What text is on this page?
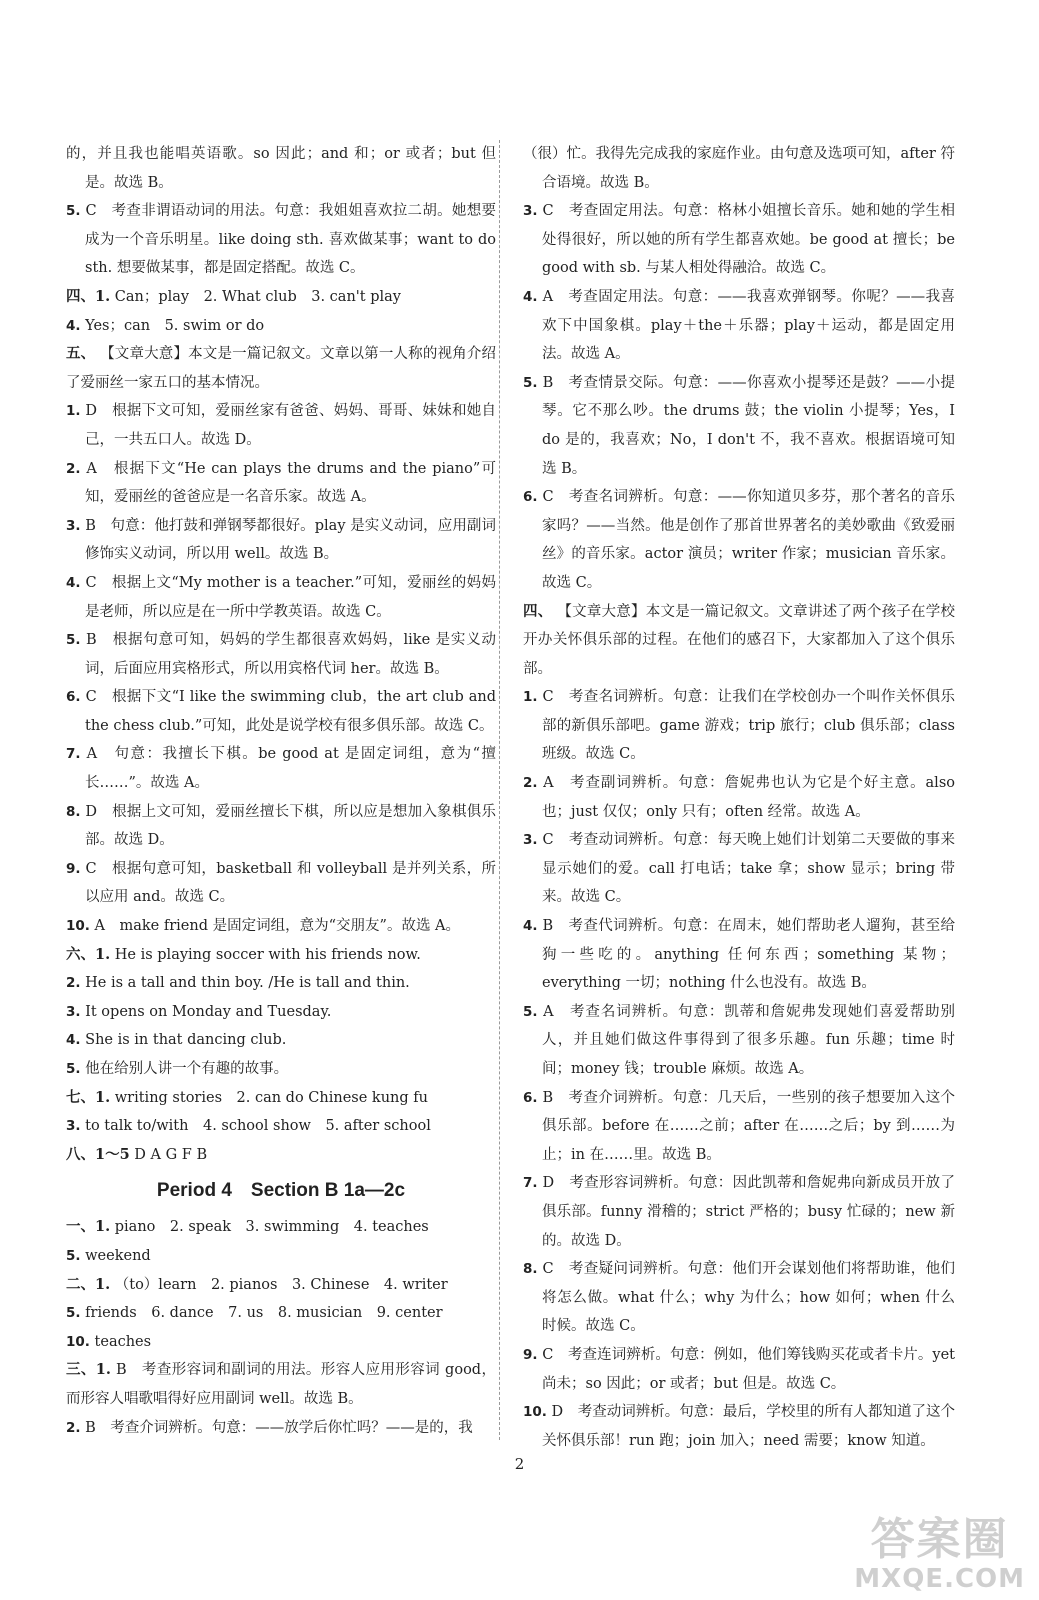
的，并且我也能唱英语歌。so 因此；and 和；or 或者；but 但是。故选 B。
5. C　考查非谓语动词的用法。句意：我姐姐喜欢拉二胡。她想要成为一个音乐明星。like doing sth. 喜欢做某事；want to do sth. 想要做某事，都是固定搭配。故选 C。
四、1. Can；play　2. What club　3. can't play
4. Yes；can　5. swim or do
五、 【文章大意】本文是一篇记叙文。文章以第一人称的视角介绍了爱丽丝一家五口的基本情况。
1. D　根据下文可知，爱丽丝家有爸爸、妈妈、哥哥、妹妹和她自己，一共五口人。故选 D。
2. A　根据下文“He can plays the drums and the piano”可知，爱丽丝的爸爸应是一名音乐家。故选 A。
3. B　句意：他打鼓和弹钢琴都很好。play 是实义动词，应用副词修饰实义动词，所以用 well。故选 B。
4. C　根据上文“My mother is a teacher.”可知，爱丽丝的妈妈是老师，所以应是在一所中学教英语。故选 C。
5. B　根据句意可知，妈妈的学生都很喜欢妈妈，like 是实义动词，后面应用宾格形式，所以用宾格代词 her。故选 B。
6. C　根据下文“I like the swimming club，the art club and the chess club.”可知，此处是说学校有很多俱乐部。故选 C。
7. A　句意：我擅长下棋。be good at 是固定词组，意为“擅长……”。故选 A。
8. D　根据上文可知，爱丽丝擅长下棋，所以应是想加入象棋俱乐部。故选 D。
9. C　根据句意可知，basketball 和 volleyball 是并列关系，所以应用 and。故选 C。
10. A　make friend 是固定词组，意为“交朋友”。故选 A。
六、1. He is playing soccer with his friends now.
2. He is a tall and thin boy. /He is tall and thin.
3. It opens on Monday and Tuesday.
4. She is in that dancing club.
5. 他在给别人讲一个有趣的故事。
七、1. writing stories　2. can do Chinese kung fu
3. to talk to/with　4. school show　5. after school
八、1～5 D A G F B
Period 4　Section B 1a—2c
一、1. piano　2. speak　3. swimming　4. teaches
5. weekend
二、1. （to）learn　2. pianos　3. Chinese　4. writer
5. friends　6. dance　7. us　8. musician　9. center
10. teaches
三、1. B　考查形容词和副词的用法。形容人应用形容词 good，而形容人唱歌唱得好应用副词 well。故选 B。
2. B　考查介词辨析。句意：——放学后你忙吗？——是的，我
（很）忙。我得先完成我的家庭作业。由句意及选项可知，after 符合语境。故选 B。
3. C　考查固定用法。句意：格林小姐擅长音乐。她和她的学生相处得很好，所以她的所有学生都喜欢她。be good at 擅长；be good with sb. 与某人相处得融洽。故选 C。
4. A　考查固定用法。句意：——我喜欢弹钢琴。你呢？——我喜欢下中国象棋。play＋the＋乐器；play＋运动，都是固定用法。故选 A。
5. B　考查情景交际。句意：——你喜欢小提琴还是鼓？——小提琴。它不那么吵。the drums 鼓；the violin 小提琴；Yes，I do 是的，我喜欢；No，I don't 不，我不喜欢。根据语境可知选 B。
6. C　考查名词辨析。句意：——你知道贝多芬，那个著名的音乐家吗？——当然。他是创作了那首世界著名的美妙歌曲《致爱丽丝》的音乐家。actor 演员；writer 作家；musician 音乐家。故选 C。
四、 【文章大意】本文是一篇记叙文。文章讲述了两个孩子在学校开办关怀俱乐部的过程。在他们的感召下，大家都加入了这个俱乐部。
1. C　考查名词辨析。句意：让我们在学校创办一个叫作关怀俱乐部的新俱乐部吧。game 游戏；trip 旅行；club 俱乐部；class 班级。故选 C。
2. A　考查副词辨析。句意：詹妮弗也认为它是个好主意。also 也；just 仅仅；only 只有；often 经常。故选 A。
3. C　考查动词辨析。句意：每天晚上她们计划第二天要做的事来显示她们的爱。call 打电话；take 拿；show 显示；bring 带来。故选 C。
4. B　考查代词辨析。句意：在周末，她们帮助老人遛狗，甚至给狗一些吃的。anything 任何东西；something 某物；everything 一切；nothing 什么也没有。故选 B。
5. A　考查名词辨析。句意：凯蒂和詹妮弗发现她们喜爱帮助别人，并且她们做这件事得到了很多乐趣。fun 乐趣；time 时间；money 钱；trouble 麻烦。故选 A。
6. B　考查介词辨析。句意：几天后，一些别的孩子想要加入这个俱乐部。before 在……之前；after 在……之后；by 到……为止；in 在……里。故选 B。
7. D　考查形容词辨析。句意：因此凯蒂和詹妮弗向新成员开放了俱乐部。funny 滑稽的；strict 严格的；busy 忙碌的；new 新的。故选 D。
8. C　考查疑问词辨析。句意：他们开会谋划他们将帮助谁，他们将怎么做。what 什么；why 为什么；how 如何；when 什么时候。故选 C。
9. C　考查连词辨析。句意：例如，他们筹钱购买花或者卡片。yet 尚未；so 因此；or 或者；but 但是。故选 C。
10. D　考查动词辨析。句意：最后，学校里的所有人都知道了这个关怀俱乐部！run 跑；join 加入；need 需要；know 知道。
2
答案圈
MXQE.COM
